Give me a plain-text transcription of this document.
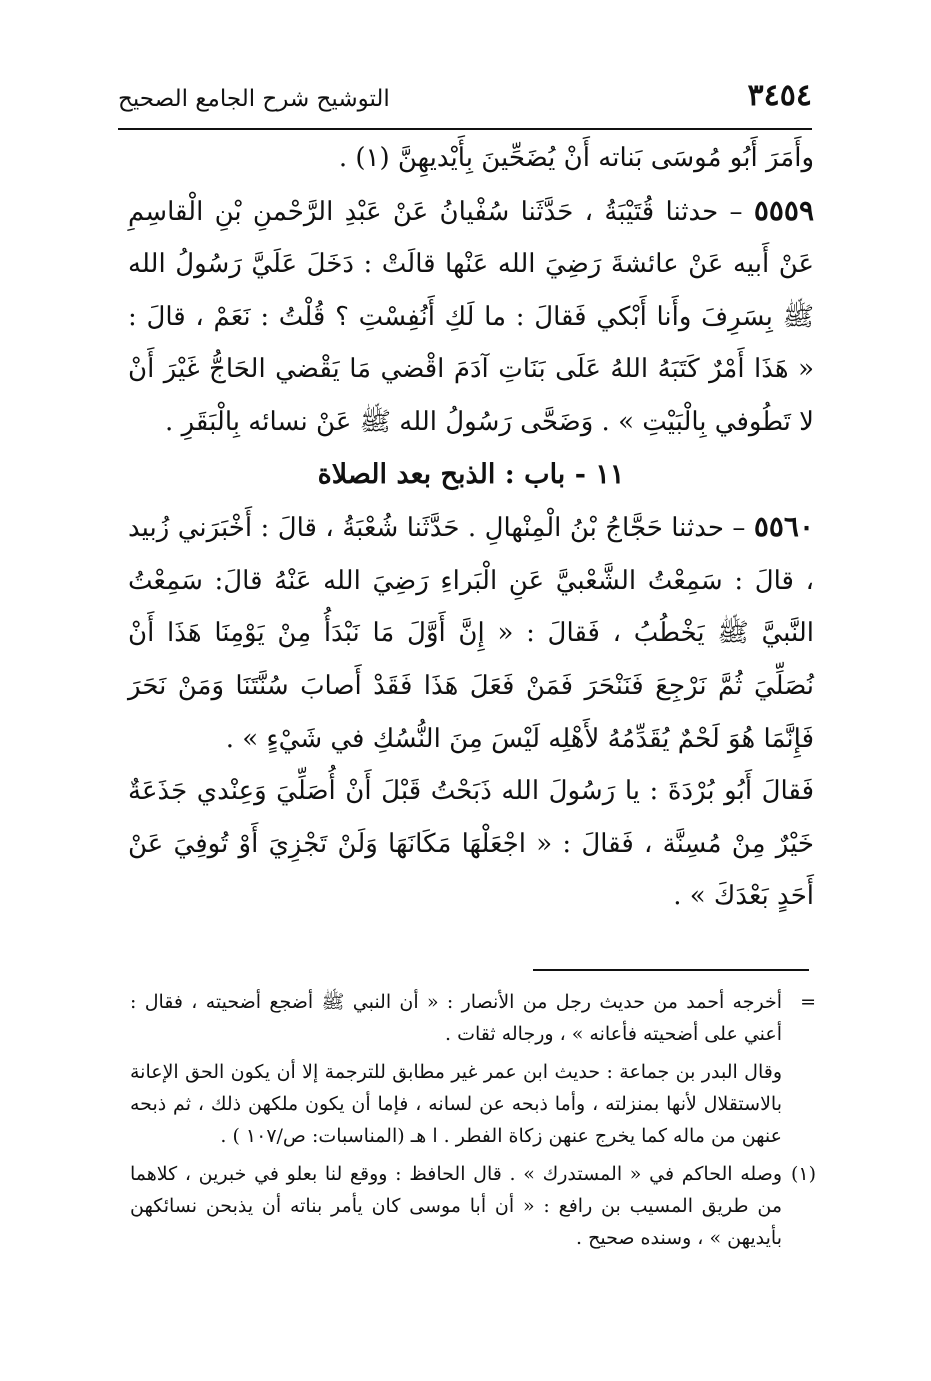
٣٤٥٤
التوشيح شرح الجامع الصحيح

وأَمَرَ أَبُو مُوسَى بَناته أَنْ يُضَحِّينَ بِأَيْديهِنَّ (١) .

٥٥٥٩ – حدثنا قُتَيْبَةُ ، حَدَّثَنا سُفْيانُ عَنْ عَبْدِ الرَّحْمنِ بْنِ الْقاسِمِ عَنْ أَبيه عَنْ عائشةَ رَضِيَ الله عَنْها قالَتْ : دَخَلَ عَلَيَّ رَسُولُ الله ﷺ بِسَرِفَ وأَنا أَبْكي فَقالَ : ما لَكِ أَنُفِسْتِ ؟ قُلْتُ : نَعَمْ ، قالَ : « هَذَا أَمْرٌ كَتَبَهُ اللهُ عَلَى بَنَاتِ آدَمَ اقْضي مَا يَقْضي الحَاجُّ غَيْرَ أَنْ لا تَطُوفي بِالْبَيْتِ » . وَضَحَّى رَسُولُ الله ﷺ عَنْ نسائه بِالْبَقَرِ .

١١ - باب : الذبح بعد الصلاة

٥٥٦٠ – حدثنا حَجَّاجُ بْنُ الْمِنْهالِ . حَدَّثَنا شُعْبَةُ ، قالَ : أَخْبَرَني زُبيد ، قالَ : سَمِعْتُ الشَّعْبيَّ عَنِ الْبَراءِ رَضِيَ الله عَنْهُ قالَ: سَمِعْتُ النَّبيَّ ﷺ يَخْطُبُ ، فَقالَ : « إِنَّ أَوَّلَ مَا نَبْدَأُ مِنْ يَوْمِنَا هَذَا أَنْ نُصَلِّيَ ثُمَّ نَرْجِعَ فَنَنْحَرَ فَمَنْ فَعَلَ هَذَا فَقَدْ أَصابَ سُنَّتَنَا وَمَنْ نَحَرَ فَإِنَّمَا هُوَ لَحْمٌ يُقَدِّمُهُ لأَهْلِه لَيْسَ مِنَ النُّسُكِ في شَيْءٍ » .

فَقالَ أَبُو بُرْدَةَ : يا رَسُولَ الله ذَبَحْتُ قَبْلَ أَنْ أُصَلِّيَ وَعِنْدي جَذَعَةٌ خَيْرٌ مِنْ مُسِنَّة ، فَقالَ : « اجْعَلْهَا مَكَانَهَا وَلَنْ تَجْزِيَ أَوْ تُوفِيَ عَنْ أَحَدٍ بَعْدَكَ » .

=
أخرجه أحمد من حديث رجل من الأنصار : « أن النبي ﷺ أضجع أضحيته ، فقال : أعني على أضحيته فأعانه » ، ورجاله ثقات .
وقال البدر بن جماعة : حديث ابن عمر غير مطابق للترجمة إلا أن يكون الحق الإعانة بالاستقلال لأنها بمنزلته ، وأما ذبحه عن لسانه ، فإما أن يكون ملكهن ذلك ، ثم ذبحه عنهن من ماله كما يخرج عنهن زكاة الفطر . ا هـ (المناسبات: ص/١٠٧ ) .
(١)
وصله الحاكم في « المستدرك » . قال الحافظ : ووقع لنا بعلو في خبرين ، كلاهما من طريق المسيب بن رافع : « أن أبا موسى كان يأمر بناته أن يذبحن نسائكهن بأيديهن » ، وسنده صحيح .
